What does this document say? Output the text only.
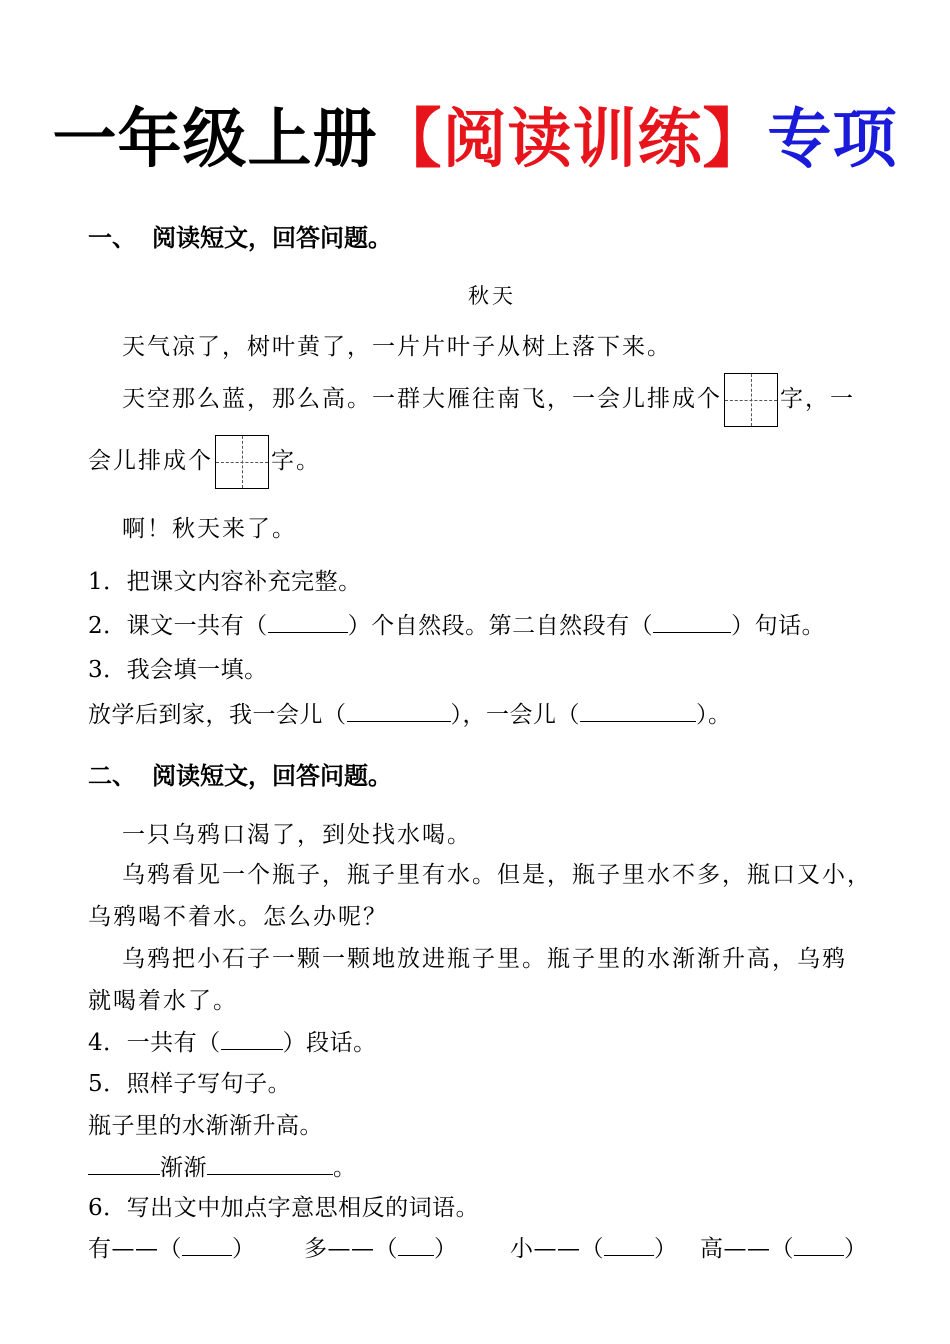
一年级上册【阅读训练】专项
一、 阅读短文，回答问题。
秋天
天气凉了，树叶黄了，一片片叶子从树上落下来。
天空那么蓝，那么高。一群大雁往南飞，一会儿排成个	字，一
会儿排成个	字。
啊！秋天来了。
1．把课文内容补充完整。
2．课文一共有（	）个自然段。第二自然段有（	）句话。
3．我会填一填。
放学后到家，我一会儿（	），一会儿（	）。
二、 阅读短文，回答问题。
一只乌鸦口渴了，到处找水喝。
乌鸦看见一个瓶子，瓶子里有水。但是，瓶子里水不多，瓶口又小，
乌鸦喝不着水。怎么办呢？
乌鸦把小石子一颗一颗地放进瓶子里。瓶子里的水渐渐升高，乌鸦
就喝着水了。
4．一共有（	）段话。
5．照样子写句子。
瓶子里的水渐渐升高。
渐渐	。
6．写出文中加点字意思相反的词语。
有——（ ） 多——（ ） 小——（ ） 高——（ ）
